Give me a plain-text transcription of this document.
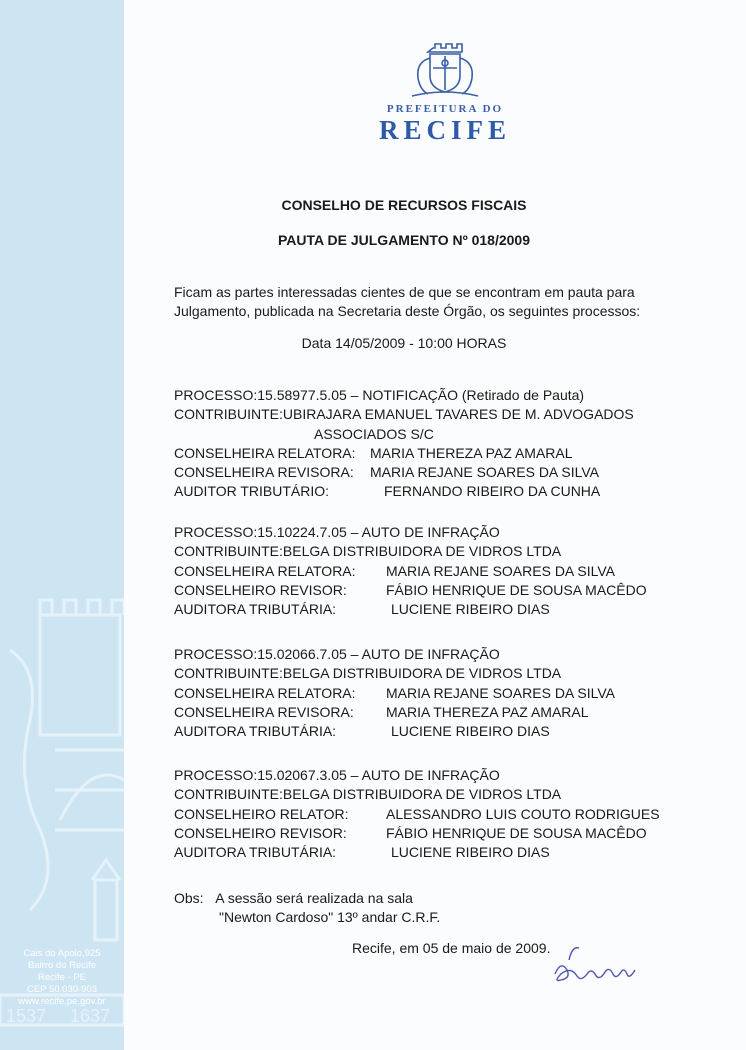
1537 1637
Cais do Apolo,925
Bairro do Recife
Recife - PE
CEP 50.030-903
www.recife.pe.gov.br
PREFEITURA DO
RECIFE
CONSELHO DE RECURSOS FISCAIS
PAUTA DE JULGAMENTO Nº 018/2009
Ficam as partes interessadas cientes de que se encontram em pauta para Julgamento, publicada na Secretaria deste Órgão, os seguintes processos:
Data 14/05/2009 - 10:00 HORAS
PROCESSO:15.58977.5.05 – NOTIFICAÇÃO (Retirado de Pauta)
CONTRIBUINTE:UBIRAJARA EMANUEL TAVARES DE M. ADVOGADOS
ASSOCIADOS S/C
CONSELHEIRA RELATORA: MARIA THEREZA PAZ AMARAL
CONSELHEIRA REVISORA: MARIA REJANE SOARES DA SILVA
AUDITOR TRIBUTÁRIO:	FERNANDO RIBEIRO DA CUNHA
PROCESSO:15.10224.7.05 – AUTO DE INFRAÇÃO
CONTRIBUINTE:BELGA DISTRIBUIDORA DE VIDROS LTDA
CONSELHEIRA RELATORA: MARIA REJANE SOARES DA SILVA
CONSELHEIRO REVISOR:	FÁBIO HENRIQUE DE SOUSA MACÊDO
AUDITORA TRIBUTÁRIA:	LUCIENE RIBEIRO DIAS
PROCESSO:15.02066.7.05 – AUTO DE INFRAÇÃO
CONTRIBUINTE:BELGA DISTRIBUIDORA DE VIDROS LTDA
CONSELHEIRA RELATORA: MARIA REJANE SOARES DA SILVA
CONSELHEIRA REVISORA: MARIA THEREZA PAZ AMARAL
AUDITORA TRIBUTÁRIA:	LUCIENE RIBEIRO DIAS
PROCESSO:15.02067.3.05 – AUTO DE INFRAÇÃO
CONTRIBUINTE:BELGA DISTRIBUIDORA DE VIDROS LTDA
CONSELHEIRO RELATOR:	ALESSANDRO LUIS COUTO RODRIGUES
CONSELHEIRO REVISOR:	FÁBIO HENRIQUE DE SOUSA MACÊDO
AUDITORA TRIBUTÁRIA:	LUCIENE RIBEIRO DIAS
Obs: A sessão será realizada na sala
"Newton Cardoso" 13º andar C.R.F.
Recife, em 05 de maio de 2009.
